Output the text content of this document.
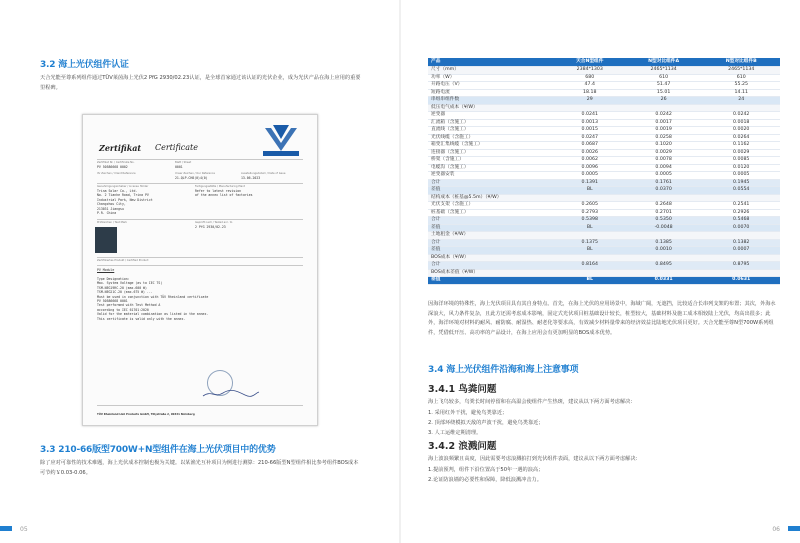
3.2 海上光伏组件认证
天合光能至尊系列组件通过TÜV莱茵海上光伏2 PfG 2930/02.23认证，是全球首家通过该认证的光伏企业，成为光伏产品在海上应用的重要里程碑。
Zertifikat Certificate
Zertifikat Nr. / Certificate No.	Blatt / Sheet
PV 50586668 0002	0001
Ihr Zeichen / Client Reference	Unser Zeichen / Our Reference	Ausstellungsdatum / Date of Issue
21-QLP-CH8(0)4(0)	13.06.2023
Genehmigungsinhaber / License Holder
Trina Solar Co., Ltd.
No. 2 Tianhe Road, Trina PV
Industrial Park, New District
Changzhou City,
213031 Jiangsu
P.R. China
Fertigungsstätte / Manufacturing Plant
Refer to latest revision
of the annex list of factories
Prüfzeichen / Test Mark	Geprüft nach / Tested acc. to
2 PfG 2930/02.23
Zertifiziertes Produkt / Certified Product
PV Module
Type Designation:
Max. System Voltage (as to IEC TS)
TSM-NEG19RC.20 (max.600 W)
TSM-NEG21C.20 (max.675 W) ...
Must be used in conjunction with TÜV Rheinland certificate
PV 50586668 0001
Test performed with Test Method A
according to IEC 61701:2020
Valid for the material combination as listed in the annex.
This certificate is valid only with the annex.
TÜV Rheinland LGA Products GmbH, Tillystraße 2, 90431 Nürnberg
3.3 210-66版型700W+N型组件在海上光伏项目中的优势
除了应对可靠性的技术难题，海上光伏成本控制也极为关键。以某渔光互补项目为例进行测算：210-66版型N型组件相比参考组件BOS成本可节约￥0.03-0.06。
05
产品	天合N型组件	N型对比组件A	N型对比组件B
尺寸（mm）	2384*1303	2465*1134	2465*1134
功率（W）	680	610	610
开路电压（V）	47.4	51.47	55.25
短路电流	18.18	15.01	14.11
串组串组件数	29	26	24
低压电气成本（¥/W）			
逆变器	0.0241	0.0242	0.0242
汇流箱（含施工）	0.0013	0.0017	0.0018
直流线（含施工）	0.0015	0.0019	0.0020
光伏线缆（含施工）	0.0247	0.0258	0.0264
箱变汇集线缆（含施工）	0.0687	0.1020	0.1162
连接器（含施工）	0.0026	0.0029	0.0029
桥架（含施工）	0.0062	0.0078	0.0085
电缆沟（含施工）	0.0096	0.0094	0.0120
逆变器安装	0.0005	0.0005	0.0005
合计	0.1391	0.1761	0.1945
差值	BL	0.0370	0.0554
结构成本（桩基@5.5m）（¥/W）			
光伏支架（含施工）	0.2605	0.2648	0.2541
桩基础（含施工）	0.2793	0.2701	0.2926
合计	0.5398	0.5350	0.5468
差值	BL	-0.0048	0.0070
土地租金（¥/W）			
合计	0.1375	0.1385	0.1382
差值	BL	0.0010	0.0007
BOS成本（¥/W）			
合计	0.8164	0.8495	0.8795
BOS成本差值（¥/W）			
差值	BL	0.0331	0.0631
因海洋环境的特殊性，海上光伏项目具有其自身特点。首先，在海上光伏的应用场景中，海域广阔，无遮挡，比较适合长串列支架的布置；其次，外海水深浪大，风力条件复杂，且此方还需考虑成本影响，固定式光伏项目桩基础设计较长，桩型较大，基础材料及施工成本相较陆上光伏，均高出很多；此外，海洋环境对材料的耐风、耐防腐、耐湿热、耐老化等要求高，有效减少材料量带来的经济效益比陆地光伏项目更好。天合光能至尊N型700W系列组件，凭借低开压、高功率的产品设计，在海上应用会有更加明显的BOS成本优势。
3.4 海上光伏组件沿海和海上注意事项
3.4.1 鸟粪问题
海上飞鸟较多，鸟粪长时间停留和在高温会使组件产生热斑，建议从以下两方面考虑解决：
1. 采用红外干扰，避免鸟类靠近；
2. 顶部环绕模拟天敌的声波干扰，避免鸟类靠近；
3. 人工运维定期清理。
3.4.2 浪溅问题
海上波浪频繁且高度，因此需要考虑浪溅拍打到光伏组件表面，建议从以下两方面考虑解决：
1.提前预判，组件下沿位置高于50年一遇的浪高；
2.论证防浪墙的必要性和保障，降低浪溅冲击力。
06
